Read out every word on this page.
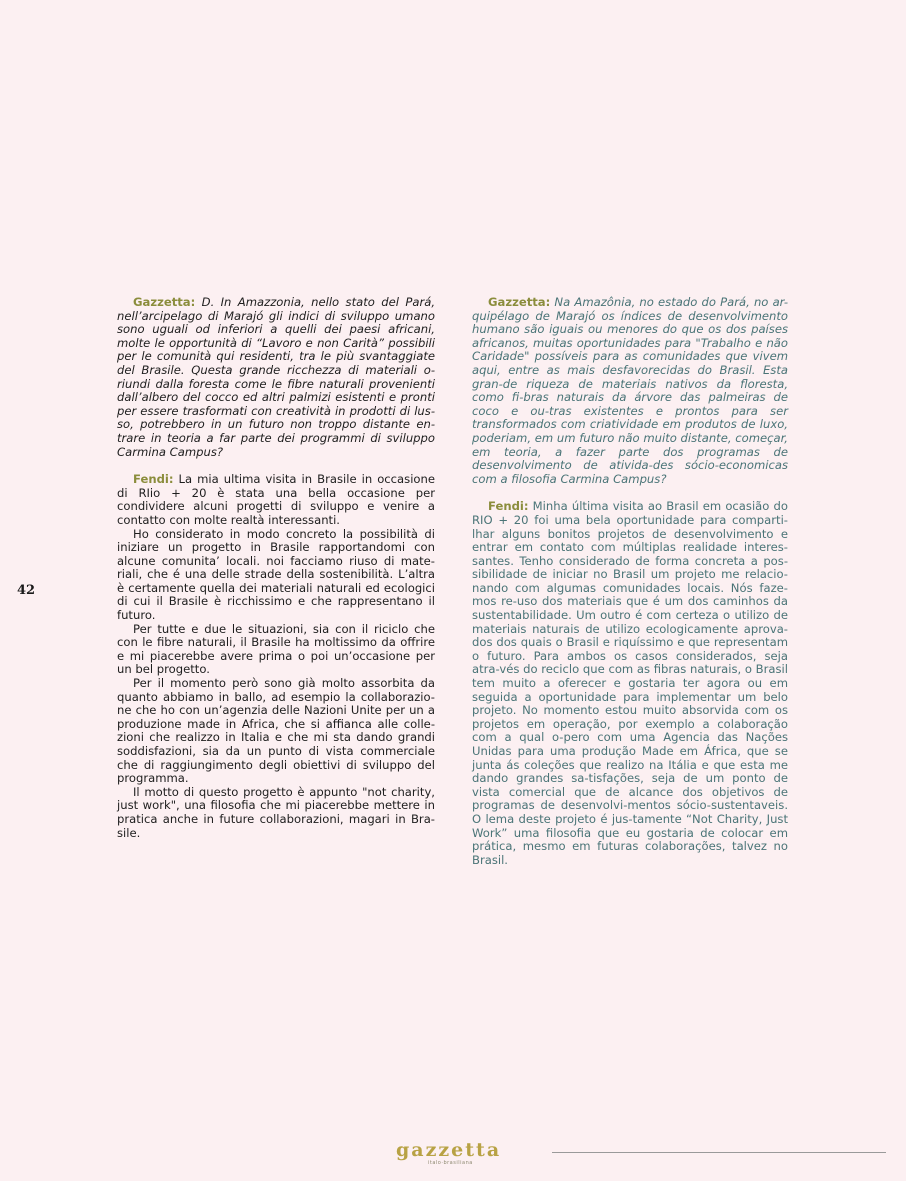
Gazzetta: D. In Amazzonia, nello stato del Pará, nell’arcipelago di Marajó gli indici di sviluppo umano sono uguali od inferiori a quelli dei paesi africani, molte le opportunità di “Lavoro e non Carità” possibili per le comunità qui residenti, tra le più svantaggiate del Brasile. Questa grande ricchezza di materiali o-riundi dalla foresta come le fibre naturali provenienti dall’albero del cocco ed altri palmizi esistenti e pronti per essere trasformati con creatività in prodotti di lus-so, potrebbero in un futuro non troppo distante en-trare in teoria a far parte dei programmi di sviluppo Carmina Campus?

Fendi: La mia ultima visita in Brasile in occasione di RIio + 20 è stata una bella occasione per condividere alcuni progetti di sviluppo e venire a contatto con molte realtà interessanti.

Ho considerato in modo concreto la possibilità di iniziare un progetto in Brasile rapportandomi con alcune comunita’ locali. noi facciamo riuso di mate-riali, che é una delle strade della sostenibilità. L’altra è certamente quella dei materiali naturali ed ecologici di cui il Brasile è ricchissimo e che rappresentano il futuro.

Per tutte e due le situazioni, sia con il riciclo che con le fibre naturali, il Brasile ha moltissimo da offrire e mi piacerebbe avere prima o poi un’occasione per un bel progetto.

Per il momento però sono già molto assorbita da quanto abbiamo in ballo, ad esempio la collaborazio-ne che ho con un’agenzia delle Nazioni Unite per un a produzione made in Africa, che si affianca alle colle-zioni che realizzo in Italia e che mi sta dando grandi soddisfazioni, sia da un punto di vista commerciale che di raggiungimento degli obiettivi di sviluppo del programma.

Il motto di questo progetto è appunto "not charity, just work", una filosofia che mi piacerebbe mettere in pratica anche in future collaborazioni, magari in Bra-sile.

Gazzetta: Na Amazônia, no estado do Pará, no ar-quipélago de Marajó os índices de desenvolvimento humano são iguais ou menores do que os dos países africanos, muitas oportunidades para "Trabalho e não Caridade" possíveis para as comunidades que vivem aqui, entre as mais desfavorecidas do Brasil. Esta gran-de riqueza de materiais nativos da floresta, como fi-bras naturais da árvore das palmeiras de coco e ou-tras existentes e prontos para ser transformados com criatividade em produtos de luxo, poderiam, em um futuro não muito distante, começar, em teoria, a fazer parte dos programas de desenvolvimento de ativida-des sócio-economicas com a filosofia Carmina Campus?

Fendi: Minha última visita ao Brasil em ocasião do RIO + 20 foi uma bela oportunidade para comparti-lhar alguns bonitos projetos de desenvolvimento e entrar em contato com múltiplas realidade interes-santes. Tenho considerado de forma concreta a pos-sibilidade de iniciar no Brasil um projeto me relacio-nando com algumas comunidades locais. Nós faze-mos re-uso dos materiais que é um dos caminhos da sustentabilidade. Um outro é com certeza o utilizo de materiais naturais de utilizo ecologicamente aprova-dos dos quais o Brasil e riquíssimo e que representam o futuro. Para ambos os casos considerados, seja atra-vés do reciclo que com as fibras naturais, o Brasil tem muito a oferecer e gostaria ter agora ou em seguida a oportunidade para implementar um belo projeto. No momento estou muito absorvida com os projetos em operação, por exemplo a colaboração com a qual o-pero com uma Agencia das Nações Unidas para uma produção Made em África, que se junta ás coleções que realizo na Itália e que esta me dando grandes sa-tisfações, seja de um ponto de vista comercial que de alcance dos objetivos de programas de desenvolvi-mentos sócio-sustentaveis. O lema deste projeto é jus-tamente “Not Charity, Just Work” uma filosofia que eu gostaria de colocar em prática, mesmo em futuras colaborações, talvez no Brasil.

42
gazzetta
italo·brasiliana
